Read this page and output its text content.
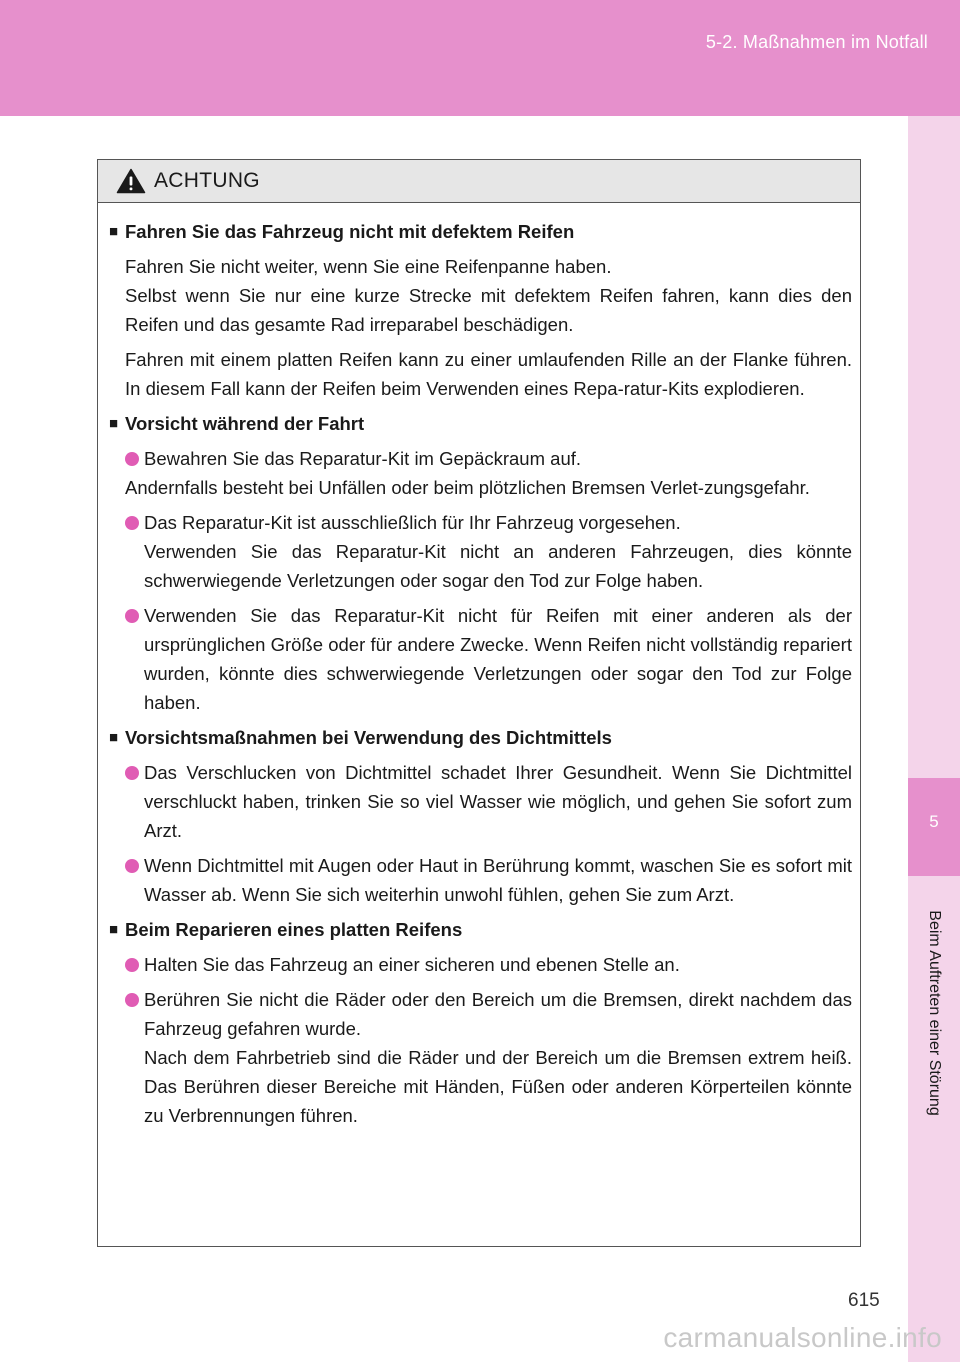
5-2. Maßnahmen im Notfall
5
Beim Auftreten einer Störung
ACHTUNG
■ Fahren Sie das Fahrzeug nicht mit defektem Reifen
Fahren Sie nicht weiter, wenn Sie eine Reifenpanne haben.
Selbst wenn Sie nur eine kurze Strecke mit defektem Reifen fahren, kann dies den Reifen und das gesamte Rad irreparabel beschädigen.
Fahren mit einem platten Reifen kann zu einer umlaufenden Rille an der Flanke führen. In diesem Fall kann der Reifen beim Verwenden eines Repa-ratur-Kits explodieren.
■ Vorsicht während der Fahrt
Bewahren Sie das Reparatur-Kit im Gepäckraum auf.
Andernfalls besteht bei Unfällen oder beim plötzlichen Bremsen Verlet-zungsgefahr.
Das Reparatur-Kit ist ausschließlich für Ihr Fahrzeug vorgesehen.
Verwenden Sie das Reparatur-Kit nicht an anderen Fahrzeugen, dies könnte schwerwiegende Verletzungen oder sogar den Tod zur Folge haben.
Verwenden Sie das Reparatur-Kit nicht für Reifen mit einer anderen als der ursprünglichen Größe oder für andere Zwecke. Wenn Reifen nicht vollständig repariert wurden, könnte dies schwerwiegende Verletzungen oder sogar den Tod zur Folge haben.
■ Vorsichtsmaßnahmen bei Verwendung des Dichtmittels
Das Verschlucken von Dichtmittel schadet Ihrer Gesundheit. Wenn Sie Dichtmittel verschluckt haben, trinken Sie so viel Wasser wie möglich, und gehen Sie sofort zum Arzt.
Wenn Dichtmittel mit Augen oder Haut in Berührung kommt, waschen Sie es sofort mit Wasser ab. Wenn Sie sich weiterhin unwohl fühlen, gehen Sie zum Arzt.
■ Beim Reparieren eines platten Reifens
Halten Sie das Fahrzeug an einer sicheren und ebenen Stelle an.
Berühren Sie nicht die Räder oder den Bereich um die Bremsen, direkt nachdem das Fahrzeug gefahren wurde.
Nach dem Fahrbetrieb sind die Räder und der Bereich um die Bremsen extrem heiß. Das Berühren dieser Bereiche mit Händen, Füßen oder anderen Körperteilen könnte zu Verbrennungen führen.
615
carmanualsonline.info
